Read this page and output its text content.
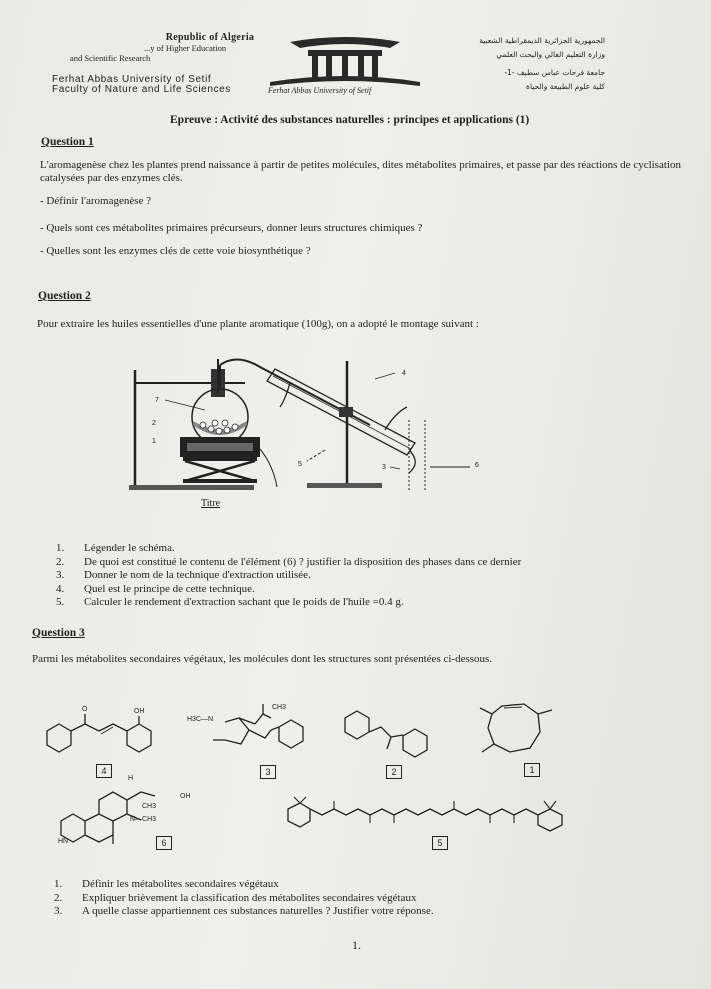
Republic of Algeria
...y of Higher Education
and Scientific Research
Ferhat Abbas University of Setif
Faculty of Nature and Life Sciences	Ferhat Abbas University of Setif
الجمهورية الجزائرية الديمقراطية الشعبية
وزارة التعليم العالي والبحث العلمي
جامعة فرحات عباس سطيف -1-
كلية علوم الطبيعة والحياة
Epreuve : Activité des substances naturelles : principes et applications (1)
Question 1
L'aromagenèse chez les plantes prend naissance à partir de petites molécules, dites métabolites primaires, et passe par des réactions de cyclisation catalysées par des enzymes clés.
- Définir l'aromagenèse ?
- Quels sont ces métabolites primaires précurseurs, donner leurs structures chimiques ?
- Quelles sont les enzymes clés de cette voie biosynthétique ?
Question 2
Pour extraire les huiles essentielles d'une plante aromatique (100g), on a adopté le montage suivant :
7
2
1
4
5	3	6
Titre
1.	Légender le schéma.
2.	De quoi est constitué le contenu de l'élément (6) ? justifier la disposition des phases dans ce dernier
3.	Donner le nom de la technique d'extraction utilisée.
4.	Quel est le principe de cette technique.
5.	Calculer le rendement d'extraction sachant que le poids de l'huile =0.4 g.
Question 3
Parmi les métabolites secondaires végétaux, les molécules dont les structures sont présentées ci-dessous.
O	OH
4
H3C—N
CH3
3	2	1
H
OH
CH3
N—CH3
HN	6	5
1.	Définir les métabolites secondaires végétaux
2.	Expliquer brièvement la classification des métabolites secondaires végétaux
3.	A quelle classe appartiennent ces substances naturelles ? Justifier votre réponse.
1.
